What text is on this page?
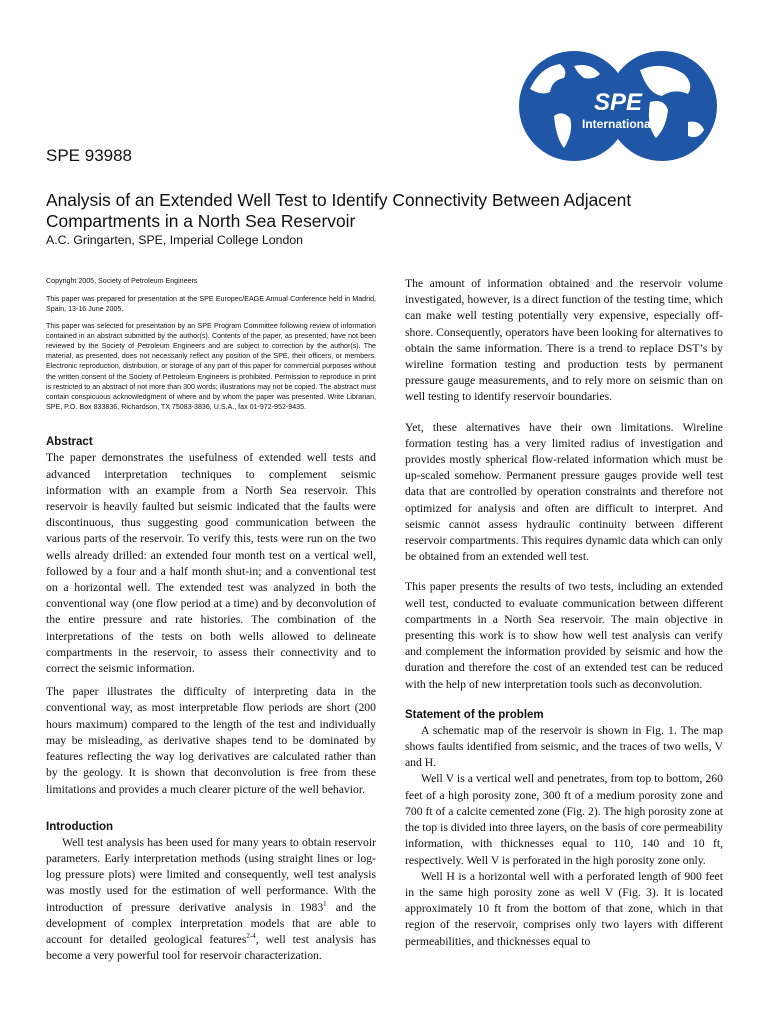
SPE
International
SPE 93988
Analysis of an Extended Well Test to Identify Connectivity Between Adjacent Compartments in a North Sea Reservoir
A.C. Gringarten, SPE, Imperial College London

Copyright 2005, Society of Petroleum Engineers

This paper was prepared for presentation at the SPE Europec/EAGE Annual Conference held in Madrid, Spain, 13-16 June 2005.

This paper was selected for presentation by an SPE Program Committee following review of information contained in an abstract submitted by the author(s). Contents of the paper, as presented, have not been reviewed by the Society of Petroleum Engineers and are subject to correction by the author(s). The material, as presented, does not necessarily reflect any position of the SPE, their officers, or members. Electronic reproduction, distribution, or storage of any part of this paper for commercial purposes without the written consent of the Society of Petroleum Engineers is prohibited. Permission to reproduce in print is restricted to an abstract of not more than 300 words; illustrations may not be copied. The abstract must contain conspicuous acknowledgment of where and by whom the paper was presented. Write Librarian, SPE, P.O. Box 833836, Richardson, TX 75083-3836, U.S.A., fax 01-972-952-9435.

Abstract

The paper demonstrates the usefulness of extended well tests and advanced interpretation techniques to complement seismic information with an example from a North Sea reservoir. This reservoir is heavily faulted but seismic indicated that the faults were discontinuous, thus suggesting good communication between the various parts of the reservoir. To verify this, tests were run on the two wells already drilled: an extended four month test on a vertical well, followed by a four and a half month shut-in; and a conventional test on a horizontal well. The extended test was analyzed in both the conventional way (one flow period at a time) and by deconvolution of the entire pressure and rate histories. The combination of the interpretations of the tests on both wells allowed to delineate compartments in the reservoir, to assess their connectivity and to correct the seismic information.

The paper illustrates the difficulty of interpreting data in the conventional way, as most interpretable flow periods are short (200 hours maximum) compared to the length of the test and individually may be misleading, as derivative shapes tend to be dominated by features reflecting the way log derivatives are calculated rather than by the geology. It is shown that deconvolution is free from these limitations and provides a much clearer picture of the well behavior.

Introduction

Well test analysis has been used for many years to obtain reservoir parameters. Early interpretation methods (using straight lines or log-log pressure plots) were limited and consequently, well test analysis was mostly used for the estimation of well performance. With the introduction of pressure derivative analysis in 1983$^1$ and the development of complex interpretation models that are able to account for detailed geological features$^{2-4}$, well test analysis has become a very powerful tool for reservoir characterization.

The amount of information obtained and the reservoir volume investigated, however, is a direct function of the testing time, which can make well testing potentially very expensive, especially off-shore. Consequently, operators have been looking for alternatives to obtain the same information. There is a trend to replace DST’s by wireline formation testing and production tests by permanent pressure gauge measurements, and to rely more on seismic than on well testing to identify reservoir boundaries.

Yet, these alternatives have their own limitations. Wireline formation testing has a very limited radius of investigation and provides mostly spherical flow-related information which must be up-scaled somehow. Permanent pressure gauges provide well test data that are controlled by operation constraints and therefore not optimized for analysis and often are difficult to interpret. And seismic cannot assess hydraulic continuity between different reservoir compartments. This requires dynamic data which can only be obtained from an extended well test.

This paper presents the results of two tests, including an extended well test, conducted to evaluate communication between different compartments in a North Sea reservoir. The main objective in presenting this work is to show how well test analysis can verify and complement the information provided by seismic and how the duration and therefore the cost of an extended test can be reduced with the help of new interpretation tools such as deconvolution.

Statement of the problem

A schematic map of the reservoir is shown in Fig. 1. The map shows faults identified from seismic, and the traces of two wells, V and H.

Well V is a vertical well and penetrates, from top to bottom, 260 feet of a high porosity zone, 300 ft of a medium porosity zone and 700 ft of a calcite cemented zone (Fig. 2). The high porosity zone at the top is divided into three layers, on the basis of core permeability information, with thicknesses equal to 110, 140 and 10 ft, respectively. Well V is perforated in the high porosity zone only.

Well H is a horizontal well with a perforated length of 900 feet in the same high porosity zone as well V (Fig. 3). It is located approximately 10 ft from the bottom of that zone, which in that region of the reservoir, comprises only two layers with different permeabilities, and thicknesses equal to
